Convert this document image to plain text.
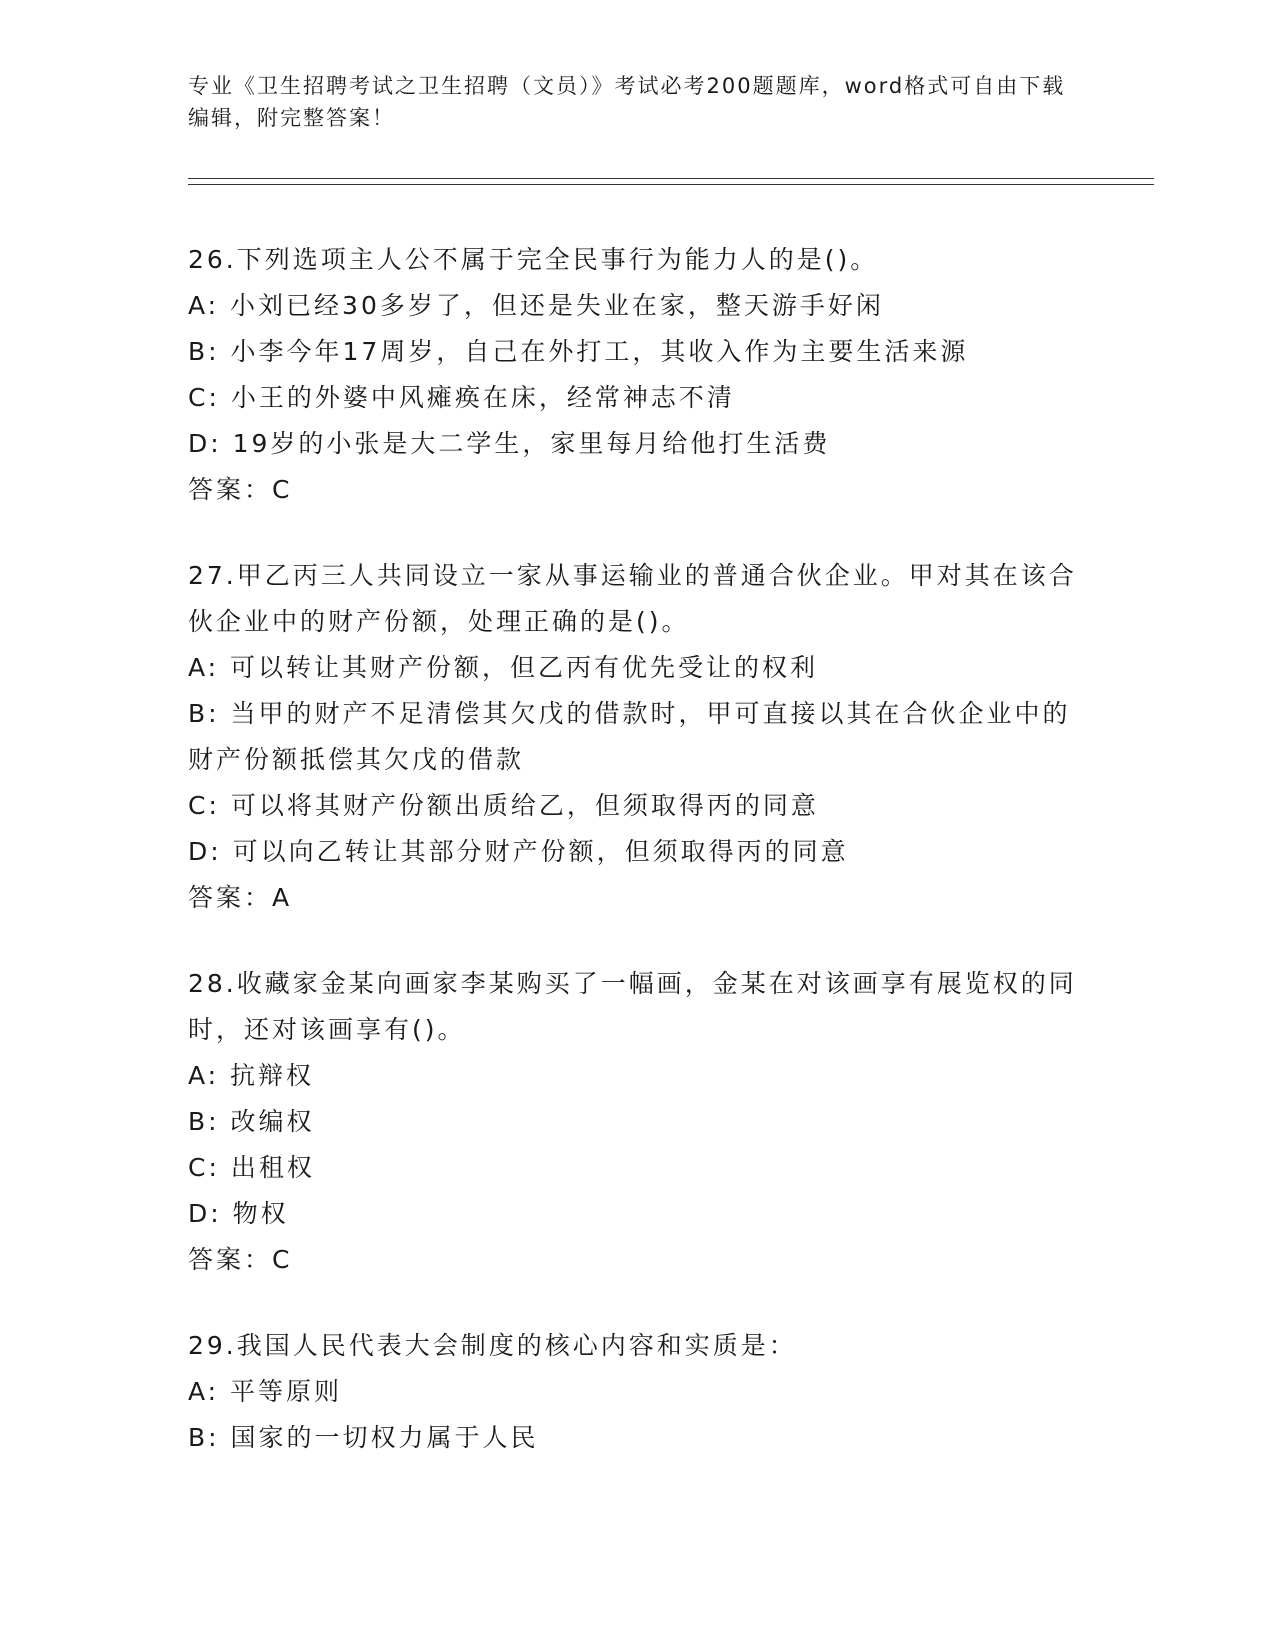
专业《卫生招聘考试之卫生招聘（文员）》考试必考200题题库，word格式可自由下载编辑，附完整答案！
26.下列选项主人公不属于完全民事行为能力人的是()。
A: 小刘已经30多岁了，但还是失业在家，整天游手好闲
B: 小李今年17周岁，自己在外打工，其收入作为主要生活来源
C: 小王的外婆中风瘫痪在床，经常神志不清
D: 19岁的小张是大二学生，家里每月给他打生活费
答案：C
27.甲乙丙三人共同设立一家从事运输业的普通合伙企业。甲对其在该合伙企业中的财产份额，处理正确的是()。
A: 可以转让其财产份额，但乙丙有优先受让的权利
B: 当甲的财产不足清偿其欠戊的借款时，甲可直接以其在合伙企业中的财产份额抵偿其欠戊的借款
C: 可以将其财产份额出质给乙，但须取得丙的同意
D: 可以向乙转让其部分财产份额，但须取得丙的同意
答案：A
28.收藏家金某向画家李某购买了一幅画，金某在对该画享有展览权的同时，还对该画享有()。
A: 抗辩权
B: 改编权
C: 出租权
D: 物权
答案：C
29.我国人民代表大会制度的核心内容和实质是：
A: 平等原则
B: 国家的一切权力属于人民
